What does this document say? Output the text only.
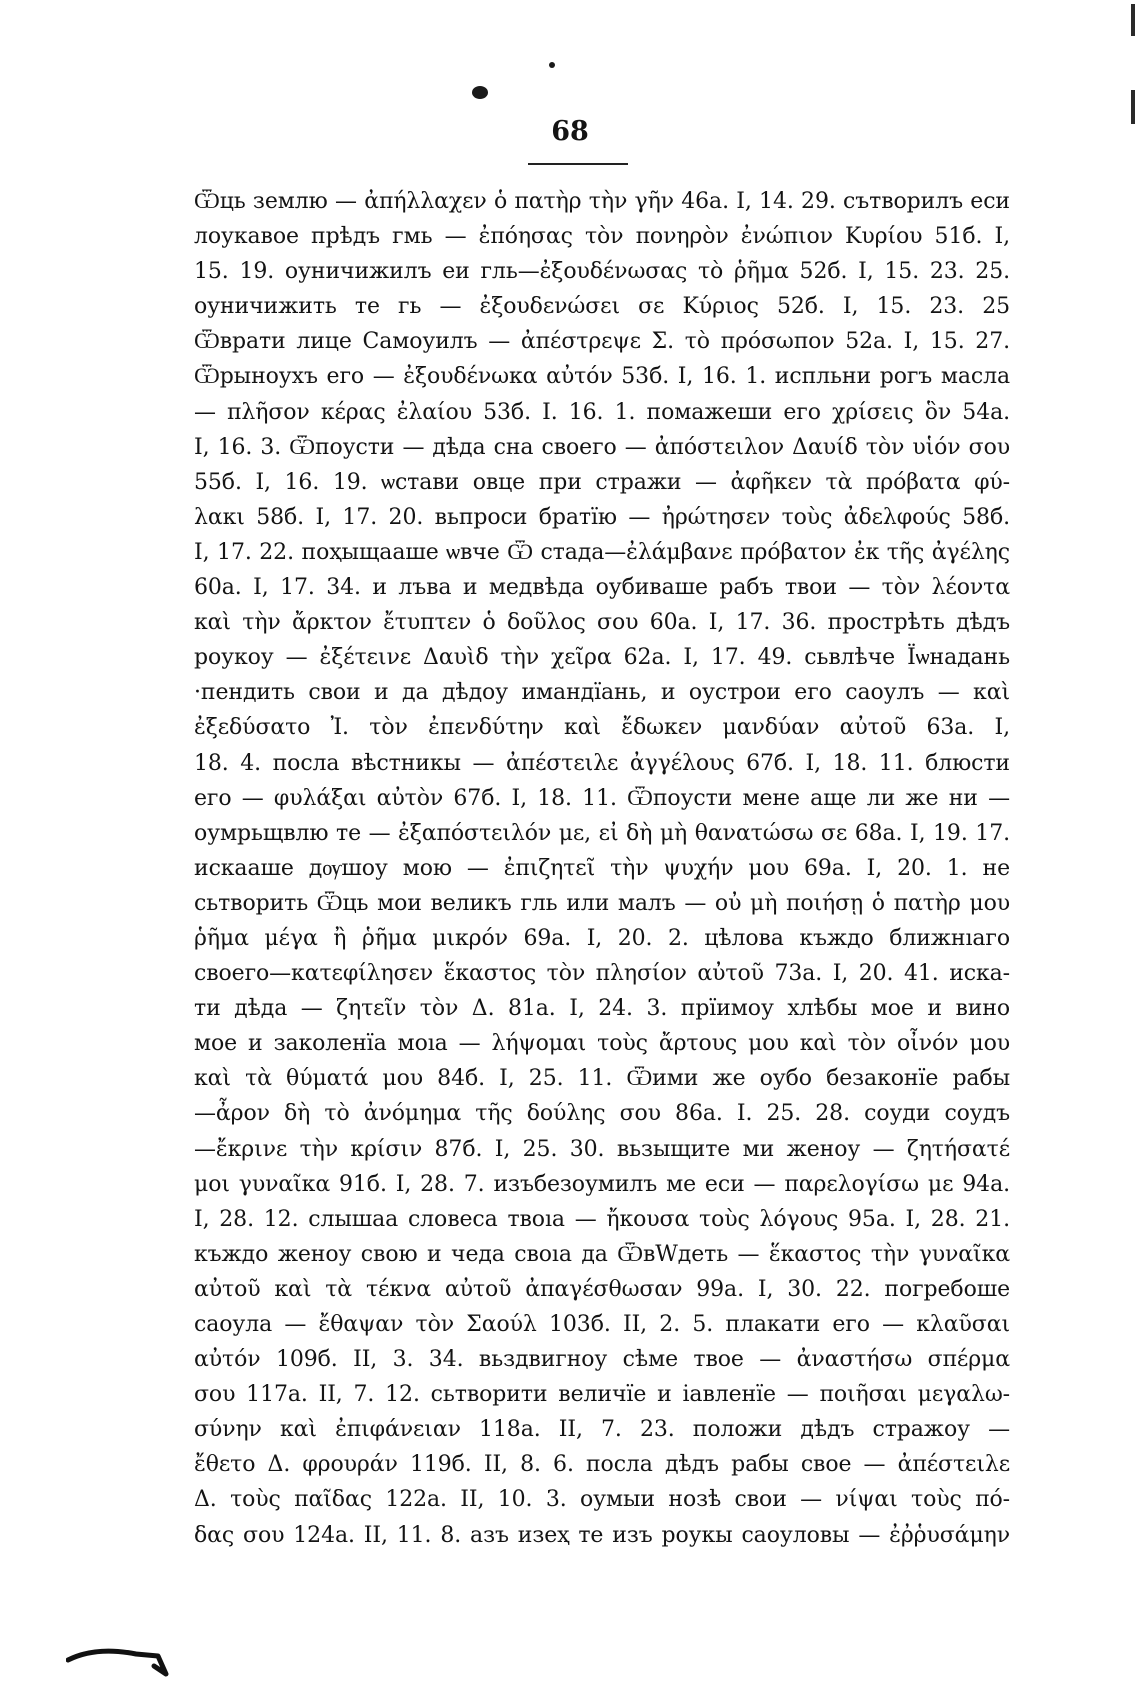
68
Ѿць землю — ἀπήλλαχεν ὁ πατὴρ τὴν γῆν 46a. I, 14. 29. сътворилъ еси
лоукавое прѣдъ гмь — ἐπόησας τὸν πονηρὸν ἐνώπιον Κυρίου 51б. I,
15. 19. оуничижилъ еи гль—ἐξουδένωσας τὸ ῥῆμα 52б. I, 15. 23. 25.
оуничижить те гь — ἐξουδενώσει σε Κύριος 52б. I, 15. 23. 25
Ѿврати лице Самоуилъ — ἀπέστρεψε Σ. τὸ πρόσωπον 52a. I, 15. 27.
Ѿрыноухъ его — ἐξουδένωκα αὐτόν 53б. I, 16. 1. испльни рогъ масла
— πλῆσον κέρας ἐλαίου 53б. I. 16. 1. помажеши его χρίσεις ὃν 54a.
I, 16. 3. Ѿпоусти — дѣда сна своего — ἀπόστειλον Δαυίδ τὸν υἱόν σου
55б. I, 16. 19. ѡстави овце при стражи — ἀφῆκεν τὰ πρόβατα φύ-
λακι 58б. I, 17. 20. вьпроси братїю — ἠρώτησεν τοὺς ἀδελφούς 58б.
I, 17. 22. поҳыщааше ѡвче Ѿ стада—ἐλάμβανε πρόβατον ἐκ τῆς ἀγέλης
60a. I, 17. 34. и лъва и медвѣда оубиваше рабъ твои — τὸν λέοντα
καὶ τὴν ἄρκτον ἔτυπτεν ὁ δοῦλος σου 60a. I, 17. 36. прострѣть дѣдъ
роукоу — ἐξέτεινε Δαυὶδ τὴν χεῖρα 62a. I, 17. 49. сьвлѣче Ϊѡнадань
·пендить свои и да дѣдоу имандїань, и оустрои его саоулъ — καὶ
ἐξεδύσατο Ἰ. τὸν ἐπενδύτην καὶ ἔδωκεν μανδύαν αὐτοῦ 63a. I,
18. 4. посла вѣстникы — ἀπέστειλε ἀγγέλους 67б. I, 18. 11. блюсти
его — φυλάξαι αὐτὸν 67б. I, 18. 11. Ѿпоусти мене аще ли же ни —
оумрьщвлю те — ἐξαπόστειλόν με, εἰ δὴ μὴ θανατώσω σε 68a. I, 19. 17.
искааше дѹшоу мою — ἐπιζητεῖ τὴν ψυχήν μου 69a. I, 20. 1. не
сьтворить Ѿць мои великъ гль или малъ — οὐ μὴ ποιήσῃ ὁ πατὴρ μου
ῥῆμα μέγα ἢ ῥῆμα μικρόν 69a. I, 20. 2. цѣлова къждо ближнıаго
своего—κατεφίλησεν ἕκαστος τὸν πλησίον αὐτοῦ 73a. I, 20. 41. иска-
ти дѣда — ζητεῖν τὸν Δ. 81a. I, 24. 3. прїимоу хлѣбы мое и вино
мое и заколенїа моıа — λήψομαι τοὺς ἄρτους μου καὶ τὸν οἶνόν μου
καὶ τὰ θύματά μου 84б. I, 25. 11. Ѿими же оубо безаконїе рабы
—ἆρον δὴ τὸ ἀνόμημα τῆς δούλης σου 86a. I. 25. 28. соуди соудъ
—ἔκρινε τὴν κρίσιν 87б. I, 25. 30. вьзыщите ми женоу — ζητήσατέ
μοι γυναῖκα 91б. I, 28. 7. изъбезоумилъ ме еси — παρελογίσω με 94a.
I, 28. 12. слышаа словеса твоıа — ἤκουσα τοὺς λόγους 95a. I, 28. 21.
къждо женоу свою и чеда своıа да ѾвWдеть — ἕκαστος τὴν γυναῖκα
αὐτοῦ καὶ τὰ τέκνα αὐτοῦ ἀπαγέσθωσαν 99a. I, 30. 22. погребоше
саоула — ἔθαψαν τὸν Σαούλ 103б. II, 2. 5. плакати его — κλαῦσαι
αὐτόν 109б. II, 3. 34. вьздвигноу сѣме твое — ἀναστήσω σπέρμα
σου 117a. II, 7. 12. сьтворити величїе и іавленїе — ποιῆσαι μεγαλω-
σύνην καὶ ἐπιφάνειαν 118a. II, 7. 23. положи дѣдъ стражоу —
ἔθετο Δ. φρουράν 119б. II, 8. 6. посла дѣдъ рабы свое — ἀπέστειλε
Δ. τοὺς παῖδας 122a. II, 10. 3. оумыи нозѣ свои — νίψαι τοὺς πό-
δας σου 124a. II, 11. 8. азъ изеҳ те изъ роукы саоуловы — ἐῤῥυσάμην
